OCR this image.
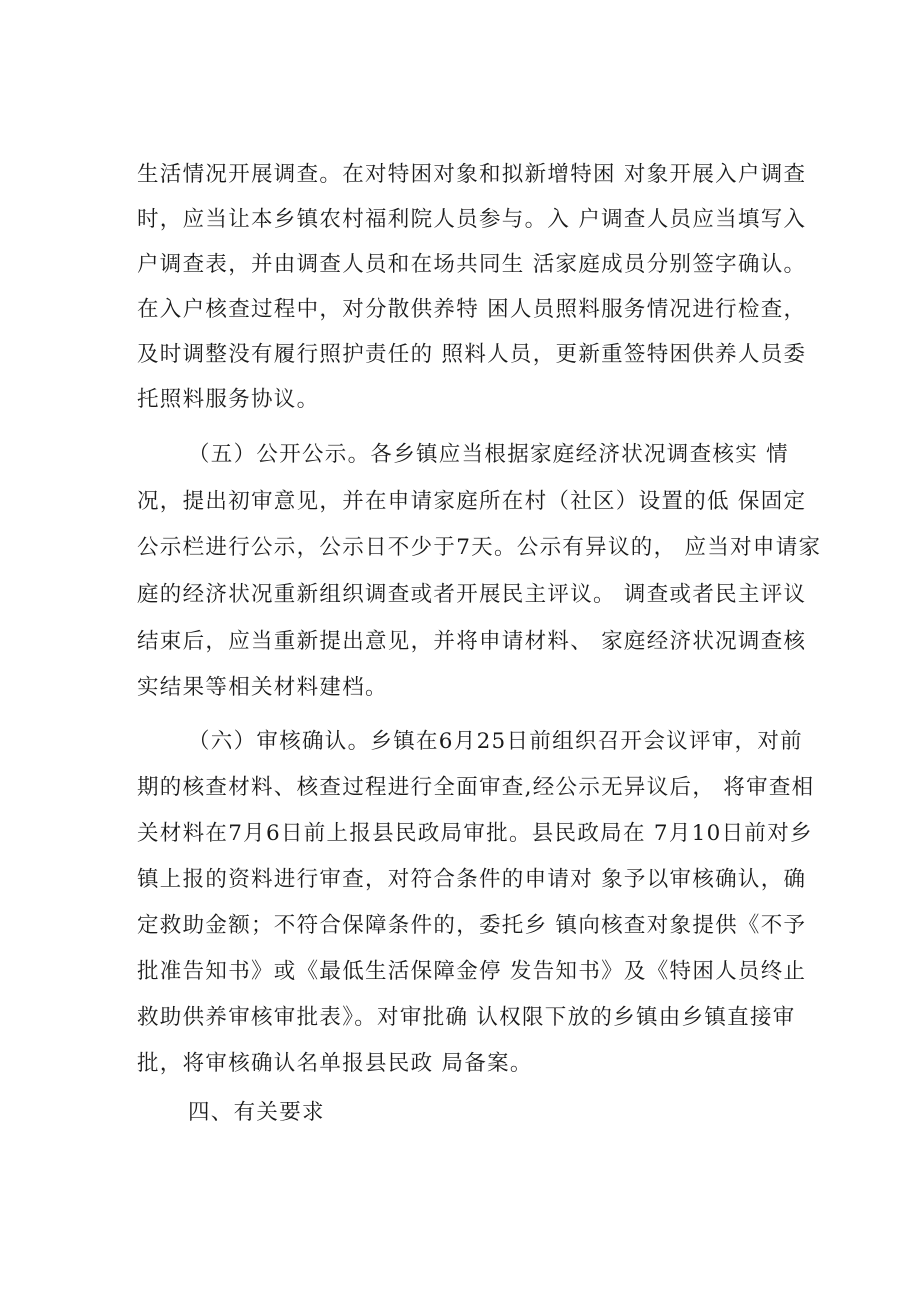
生活情况开展调查。在对特困对象和拟新增特困 对象开展入户调查
时，应当让本乡镇农村福利院人员参与。入 户调查人员应当填写入
户调查表，并由调查人员和在场共同生 活家庭成员分别签字确认。
在入户核查过程中，对分散供养特 困人员照料服务情况进行检查，
及时调整没有履行照护责任的 照料人员，更新重签特困供养人员委
托照料服务协议。
（五）公开公示。各乡镇应当根据家庭经济状况调查核实 情
况，提出初审意见，并在申请家庭所在村（社区）设置的低 保固定
公示栏进行公示，公示日不少于7天。公示有异议的， 应当对申请家
庭的经济状况重新组织调查或者开展民主评议。 调查或者民主评议
结束后，应当重新提出意见，并将申请材料、 家庭经济状况调查核
实结果等相关材料建档。
（六）审核确认。乡镇在6月25日前组织召开会议评审，对前
期的核查材料、核查过程进行全面审查,经公示无异议后， 将审查相
关材料在7月6日前上报县民政局审批。县民政局在 7月10日前对乡
镇上报的资料进行审查，对符合条件的申请对 象予以审核确认，确
定救助金额；不符合保障条件的，委托乡 镇向核查对象提供《不予
批准告知书》或《最低生活保障金停 发告知书》及《特困人员终止
救助供养审核审批表》。对审批确 认权限下放的乡镇由乡镇直接审
批，将审核确认名单报县民政 局备案。
四、有关要求
